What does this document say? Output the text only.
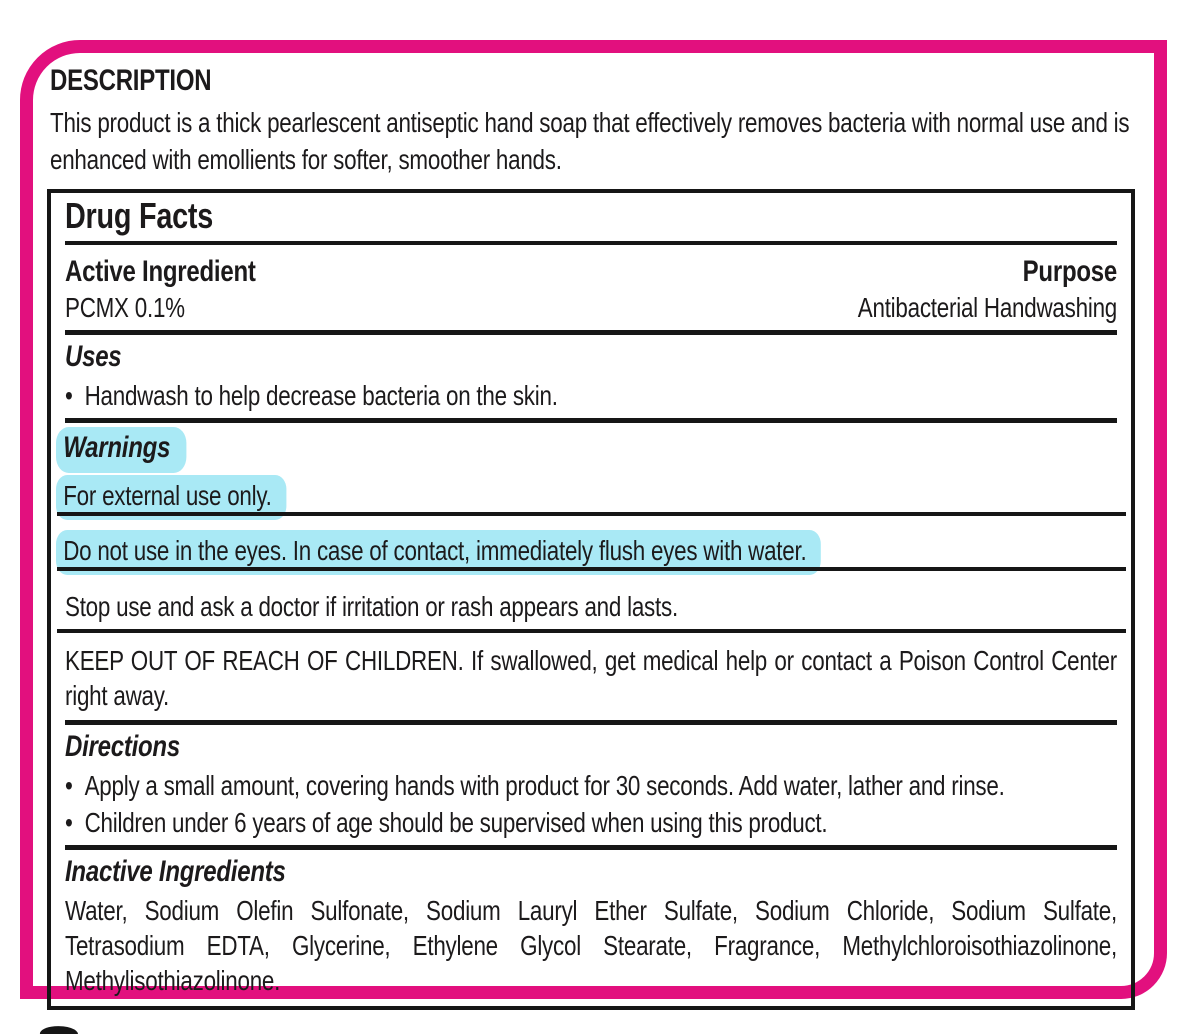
DESCRIPTION

This product is a thick pearlescent antiseptic hand soap that effectively removes bacteria with normal use and is enhanced with emollients for softer, smoother hands.

Drug Facts
Active Ingredient	Purpose
PCMX 0.1%	Antibacterial Handwashing
Uses
•  Handwash to help decrease bacteria on the skin.
Warnings
For external use only.
Do not use in the eyes. In case of contact, immediately flush eyes with water.
Stop use and ask a doctor if irritation or rash appears and lasts.

KEEP OUT OF REACH OF CHILDREN. If swallowed, get medical help or contact a Poison Control Center right away.

Directions
•  Apply a small amount, covering hands with product for 30 seconds. Add water, lather and rinse.
•  Children under 6 years of age should be supervised when using this product.
Inactive Ingredients

Water, Sodium Olefin Sulfonate, Sodium Lauryl Ether Sulfate, Sodium Chloride, Sodium Sulfate, Tetrasodium EDTA, Glycerine, Ethylene Glycol Stearate, Fragrance, Methylchloroisothiazolinone, Methylisothiazolinone.
